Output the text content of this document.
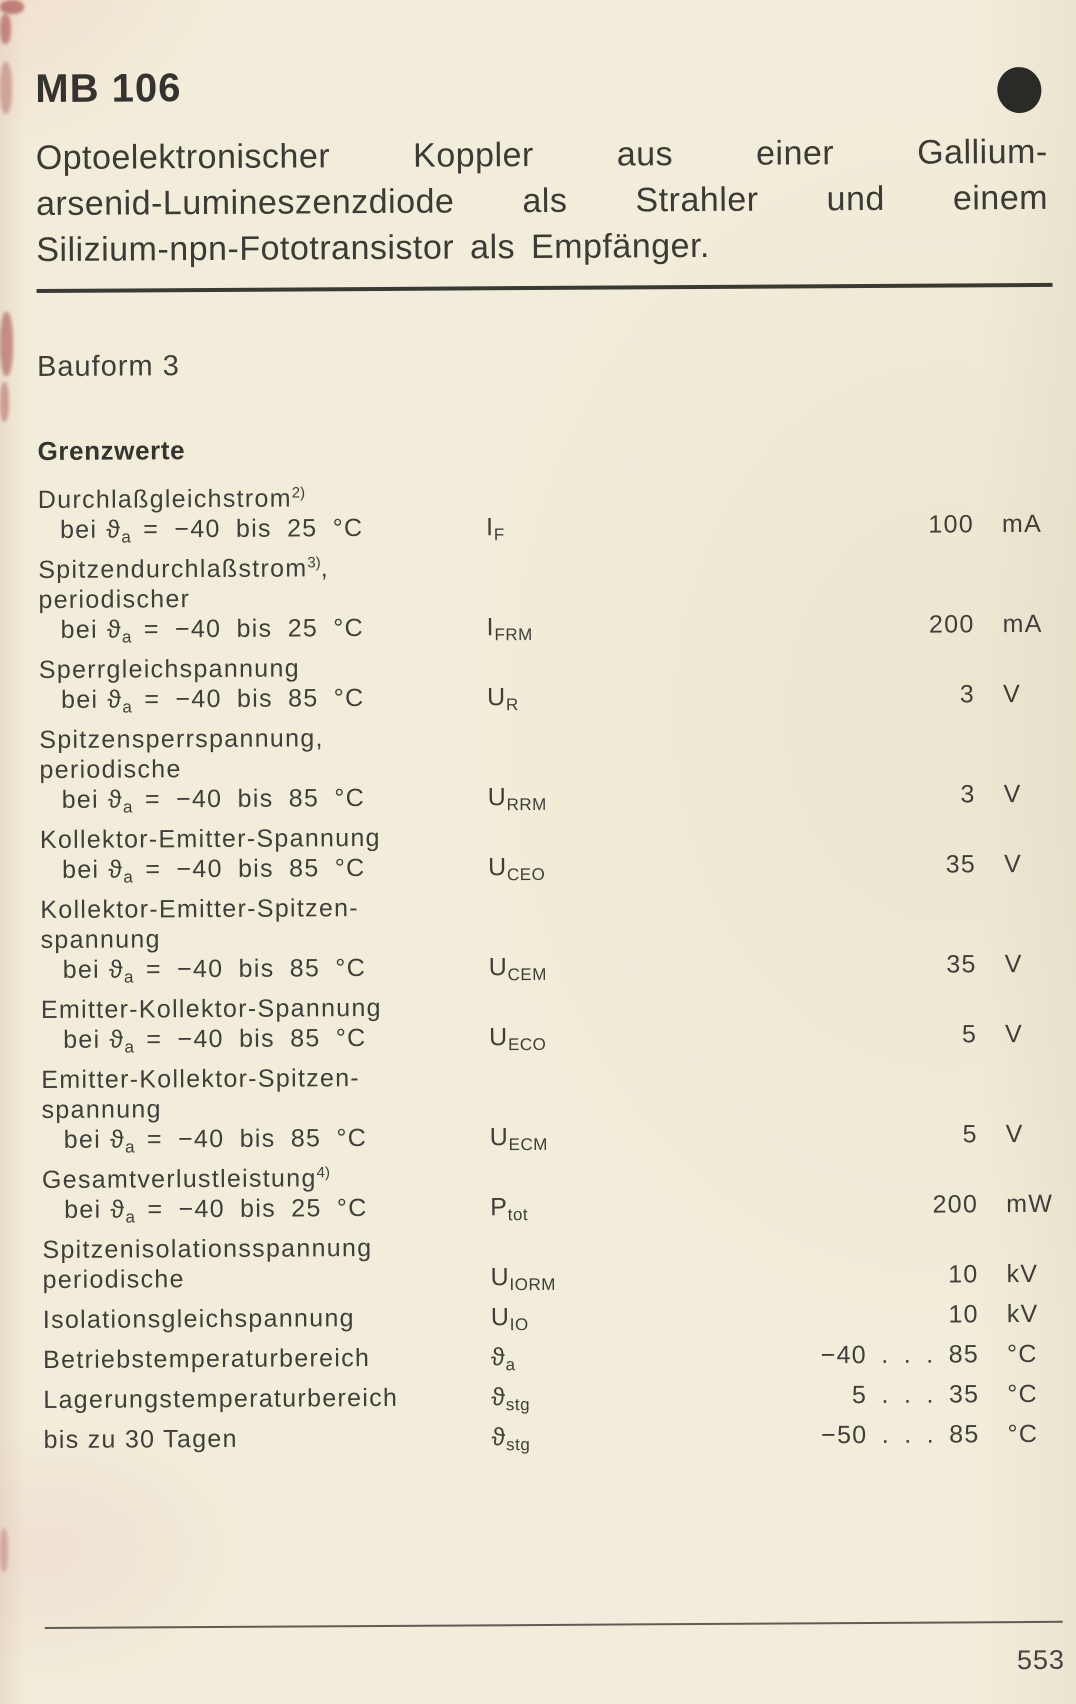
MB 106
Optoelektronischer Koppler aus einer Gallium-
arsenid-Lumineszenzdiode als Strahler und einem
Silizium-npn-Fototransistor als Empfänger.
Bauform 3
Grenzwerte
Durchlaßgleichstrom$^{2)}$
bei $ϑ_a = -40$ bis 25 °C	$I_F$	100	mA
Spitzendurchlaßstrom$^{3)}$,
periodischer
bei $ϑ_a = -40$ bis 25 °C	$I_{FRM}$	200	mA
Sperrgleichspannung
bei $ϑ_a = -40$ bis 85 °C	$U_R$	3	V
Spitzensperrspannung,
periodische
bei $ϑ_a = -40$ bis 85 °C	$U_{RRM}$	3	V
Kollektor-Emitter-Spannung
bei $ϑ_a = -40$ bis 85 °C	$U_{CEO}$	35	V
Kollektor-Emitter-Spitzen-
spannung
bei $ϑ_a = -40$ bis 85 °C	$U_{CEM}$	35	V
Emitter-Kollektor-Spannung
bei $ϑ_a = -40$ bis 85 °C	$U_{ECO}$	5	V
Emitter-Kollektor-Spitzen-
spannung
bei $ϑ_a = -40$ bis 85 °C	$U_{ECM}$	5	V
Gesamtverlustleistung$^{4)}$
bei $ϑ_a = -40$ bis 25 °C	$P_{tot}$	200	mW
Spitzenisolationsspannung
periodische	$U_{IORM}$	10	kV
Isolationsgleichspannung	$U_{IO}$	10	kV
Betriebstemperaturbereich	$ϑ_a$	−40 . . . 85	°C
Lagerungstemperaturbereich	$ϑ_{stg}$	5 . . . 35	°C
bis zu 30 Tagen	$ϑ_{stg}$	−50 . . . 85	°C
553
